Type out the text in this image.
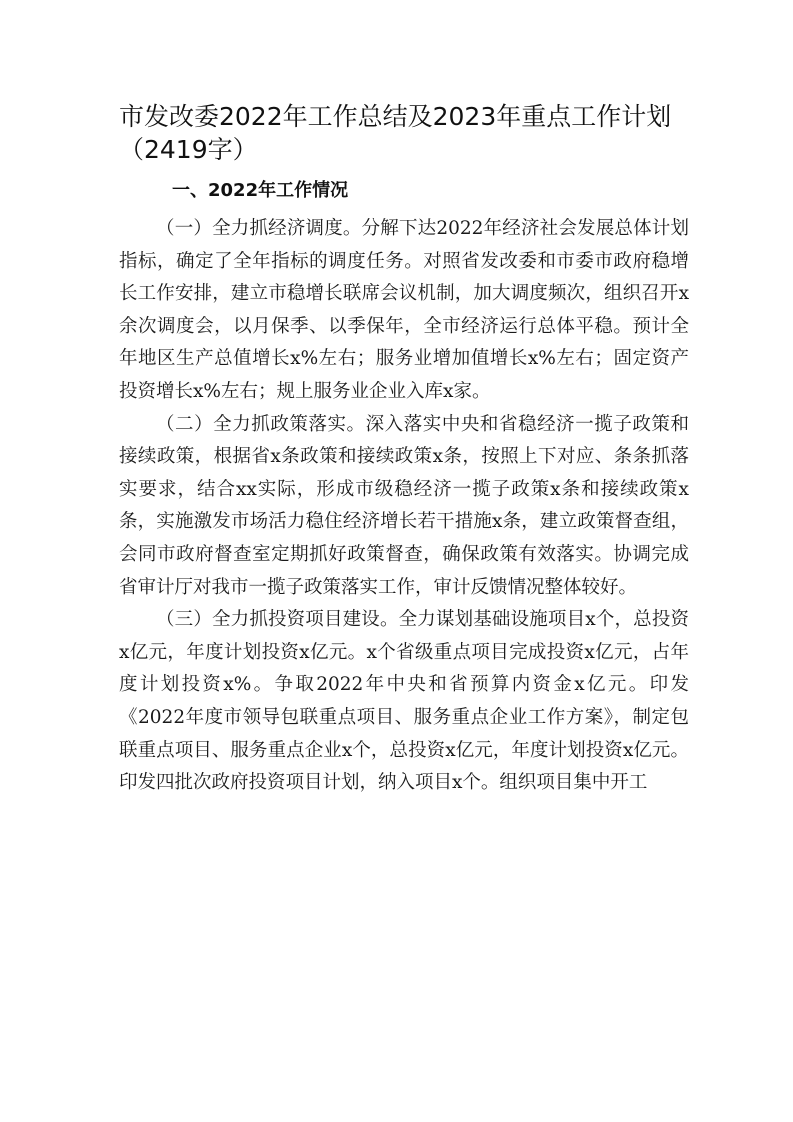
市发改委2022年工作总结及2023年重点工作计划（2419字）
一、2022年工作情况

（一）全力抓经济调度。分解下达2022年经济社会发展总体计划指标，确定了全年指标的调度任务。对照省发改委和市委市政府稳增长工作安排，建立市稳增长联席会议机制，加大调度频次，组织召开x余次调度会，以月保季、以季保年，全市经济运行总体平稳。预计全年地区生产总值增长x%左右；服务业增加值增长x%左右；固定资产投资增长x%左右；规上服务业企业入库x家。

（二）全力抓政策落实。深入落实中央和省稳经济一揽子政策和接续政策，根据省x条政策和接续政策x条，按照上下对应、条条抓落实要求，结合xx实际，形成市级稳经济一揽子政策x条和接续政策x条，实施激发市场活力稳住经济增长若干措施x条，建立政策督查组，会同市政府督查室定期抓好政策督查，确保政策有效落实。协调完成省审计厅对我市一揽子政策落实工作，审计反馈情况整体较好。

（三）全力抓投资项目建设。全力谋划基础设施项目x个，总投资x亿元，年度计划投资x亿元。x个省级重点项目完成投资x亿元，占年度计划投资x%。争取2022年中央和省预算内资金x亿元。印发《2022年度市领导包联重点项目、服务重点企业工作方案》，制定包联重点项目、服务重点企业x个，总投资x亿元，年度计划投资x亿元。印发四批次政府投资项目计划，纳入项目x个。组织项目集中开工
